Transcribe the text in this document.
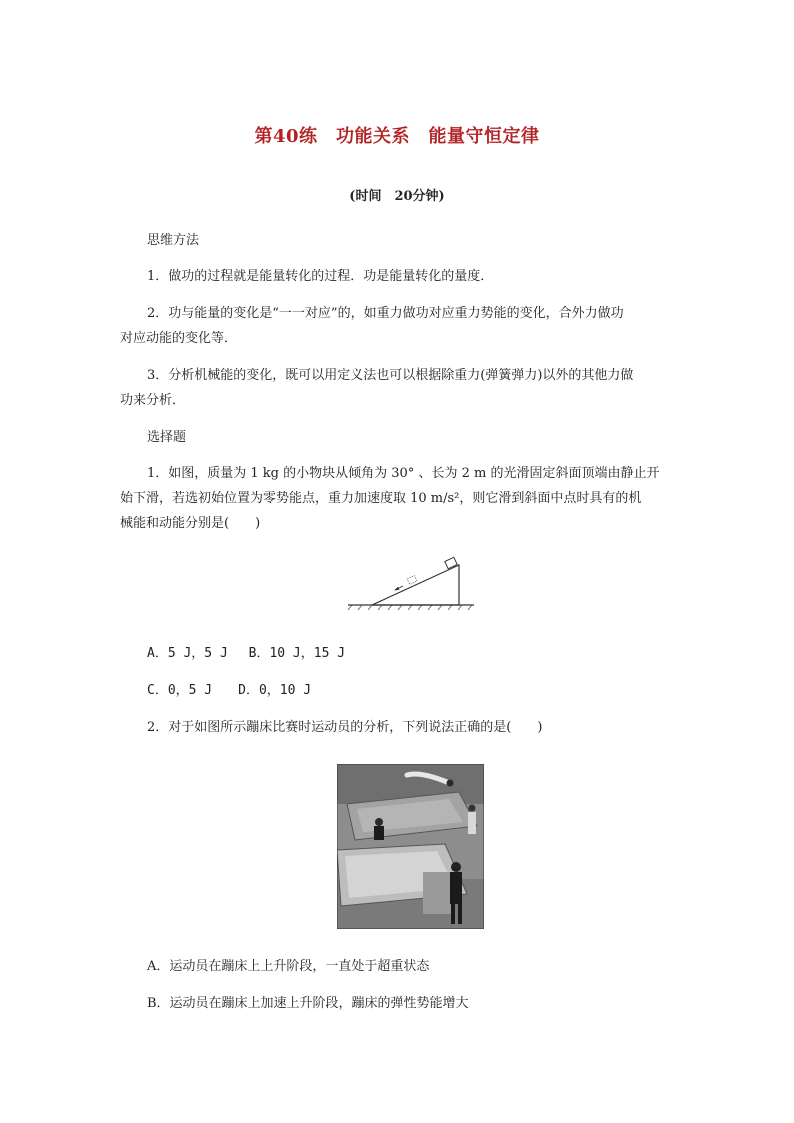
第40练　功能关系　能量守恒定律
(时间　20分钟)
思维方法
1．做功的过程就是能量转化的过程．功是能量转化的量度．
2．功与能量的变化是“一一对应”的，如重力做功对应重力势能的变化，合外力做功
对应动能的变化等．
3．分析机械能的变化，既可以用定义法也可以根据除重力(弹簧弹力)以外的其他力做
功来分析．
选择题
1．如图，质量为 1 kg 的小物块从倾角为 30° 、长为 2 m 的光滑固定斜面顶端由静止开
始下滑，若选初始位置为零势能点，重力加速度取 10 m/s²，则它滑到斜面中点时具有的机
械能和动能分别是(　　)
A．5 J，5 J　 B．10 J，15 J
C．0，5 J　　D．0，10 J
2．对于如图所示蹦床比赛时运动员的分析，下列说法正确的是(　　)
A．运动员在蹦床上上升阶段，一直处于超重状态
B．运动员在蹦床上加速上升阶段，蹦床的弹性势能增大
